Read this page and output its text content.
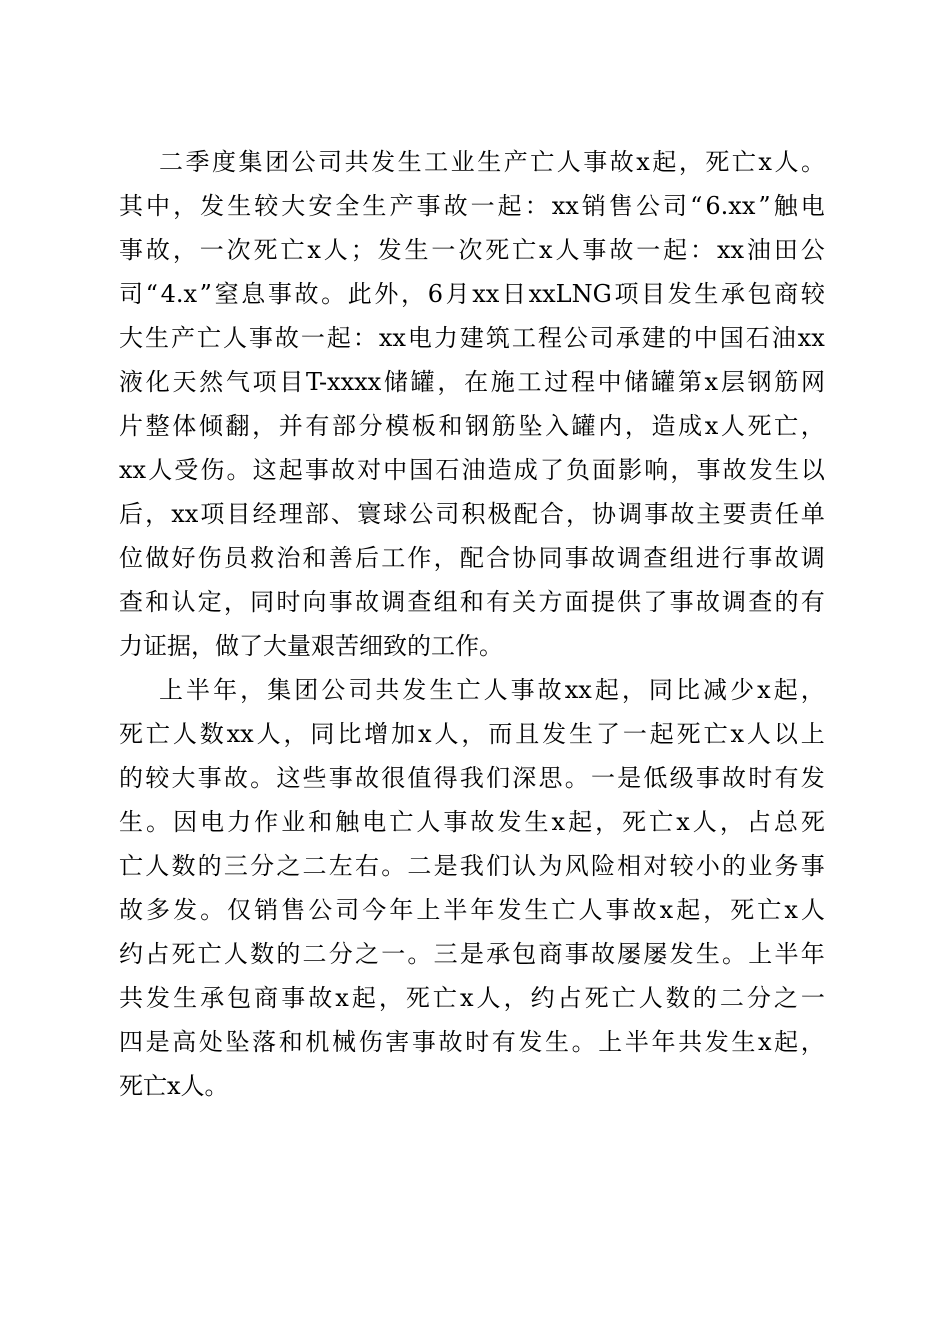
二 季 度 集 团 公 司 共 发 生 工 业 生 产 亡 人 事 故 x 起 ， 死 亡 x 人 。
其 中 ， 发 生 较 大 安 全 生 产 事 故 一 起 ： xx 销 售 公 司 “ 6.xx ” 触 电
事 故 ， 一 次 死 亡 x 人 ； 发 生 一 次 死 亡 x 人 事 故 一 起 ： xx 油 田 公
司 “ 4.x ” 窒 息 事 故 。 此 外 ， 6 月 xx 日 xxLNG 项 目 发 生 承 包 商 较
大 生 产 亡 人 事 故 一 起 ： xx 电 力 建 筑 工 程 公 司 承 建 的 中 国 石 油 xx
液 化 天 然 气 项 目 T-xxxx 储 罐 ， 在 施 工 过 程 中 储 罐 第 x 层 钢 筋 网
片 整 体 倾 翻 ， 并 有 部 分 模 板 和 钢 筋 坠 入 罐 内 ， 造 成 x 人 死 亡 ，
xx 人 受 伤 。 这 起 事 故 对 中 国 石 油 造 成 了 负 面 影 响 ， 事 故 发 生 以
后 ， xx 项 目 经 理 部 、 寰 球 公 司 积 极 配 合 ， 协 调 事 故 主 要 责 任 单
位 做 好 伤 员 救 治 和 善 后 工 作 ， 配 合 协 同 事 故 调 查 组 进 行 事 故 调
查 和 认 定 ， 同 时 向 事 故 调 查 组 和 有 关 方 面 提 供 了 事 故 调 查 的 有
力 证 据 ， 做 了 大 量 艰 苦 细 致 的 工 作 。
上 半 年 ， 集 团 公 司 共 发 生 亡 人 事 故 xx 起 ， 同 比 减 少 x 起 ，
死 亡 人 数 xx 人 ， 同 比 增 加 x 人 ， 而 且 发 生 了 一 起 死 亡 x 人 以 上
的 较 大 事 故 。 这 些 事 故 很 值 得 我 们 深 思 。 一 是 低 级 事 故 时 有 发
生 。 因 电 力 作 业 和 触 电 亡 人 事 故 发 生 x 起 ， 死 亡 x 人 ， 占 总 死
亡 人 数 的 三 分 之 二 左 右 。 二 是 我 们 认 为 风 险 相 对 较 小 的 业 务 事
故 多 发 。 仅 销 售 公 司 今 年 上 半 年 发 生 亡 人 事 故 x 起 ， 死 亡 x 人
约 占 死 亡 人 数 的 二 分 之 一 。 三 是 承 包 商 事 故 屡 屡 发 生 。 上 半 年
共 发 生 承 包 商 事 故 x 起 ， 死 亡 x 人 ， 约 占 死 亡 人 数 的 二 分 之 一
四 是 高 处 坠 落 和 机 械 伤 害 事 故 时 有 发 生 。 上 半 年 共 发 生 x 起 ，
死 亡 x 人 。
